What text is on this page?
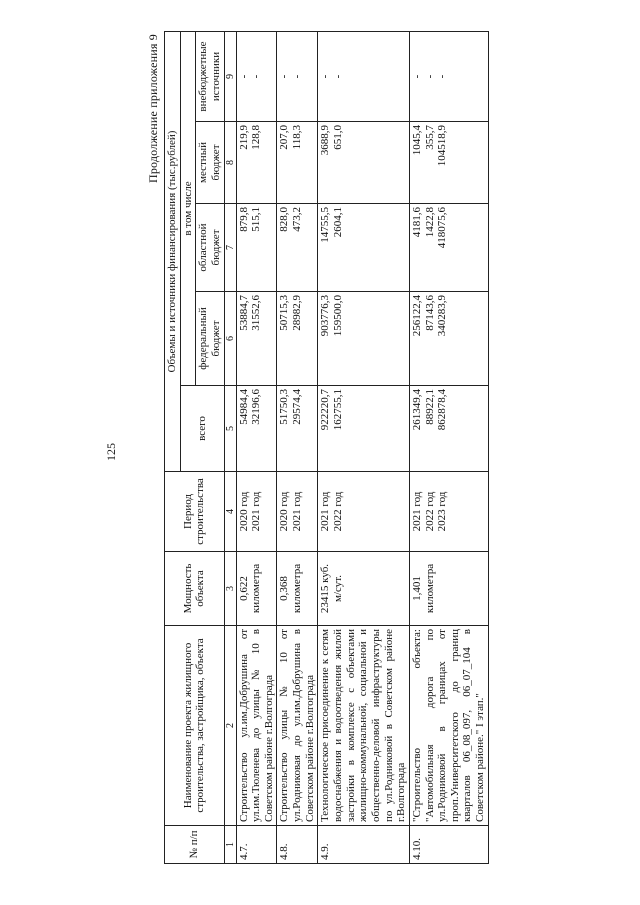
125
Продолжение приложения 9
№ п/п	Наименование проекта жилищного строительства, застройщика, объекта	Мощность объекта	Период строительства	Объемы и источники финансирования (тыс.рублей)				
				всего	в том числе			
					федеральный бюджет	областной бюджет	местный бюджет	внебюджетные источники
1	2	3	4	5	6	7	8	9
4.7.	Строительство ул.им.Добрушина от ул.им.Тюленева до улицы № 10 в Советском районе г.Волгограда	0,622 километра	2020 год 2021 год	54984,4 32196,6	53884,7 31552,6	879,8 515,1	219,9 128,8	- -

4.8.	Строительство улицы № 10 от ул.Родниковая до ул.им.Добрушина в Советском районе г.Волгограда	0,368 километра	2020 год 2021 год	51750,3 29574,4	50715,3 28982,9	828,0 473,2	207,0 118,3	- -

4.9.	Технологическое присоединение к сетям водоснабжения и водоотведения жилой застройки в комплексе с объектами жилищно-коммунальной, социальной и общественно-деловой инфраструктуры по ул.Родниковой в Советском районе г.Волгограда	23415 куб. м/сут.	2021 год 2022 год	922220,7 162755,1	903776,3 159500,0	14755,5 2604,1	3688,9 651,0	- -

4.10.	"Строительство объекта: "Автомобильная дорога по ул.Родниковой в границах от проп.Университетского до границ кварталов 06_08_097, 06_07_104 в Советском районе." I этап."	1,401 километра	2021 год 2022 год 2023 год	261349,4 88922,1 862878,4	256122,4 87143,6 340283,9	4181,6 1422,8 418075,6	1045,4 355,7 104518,9	- - -
